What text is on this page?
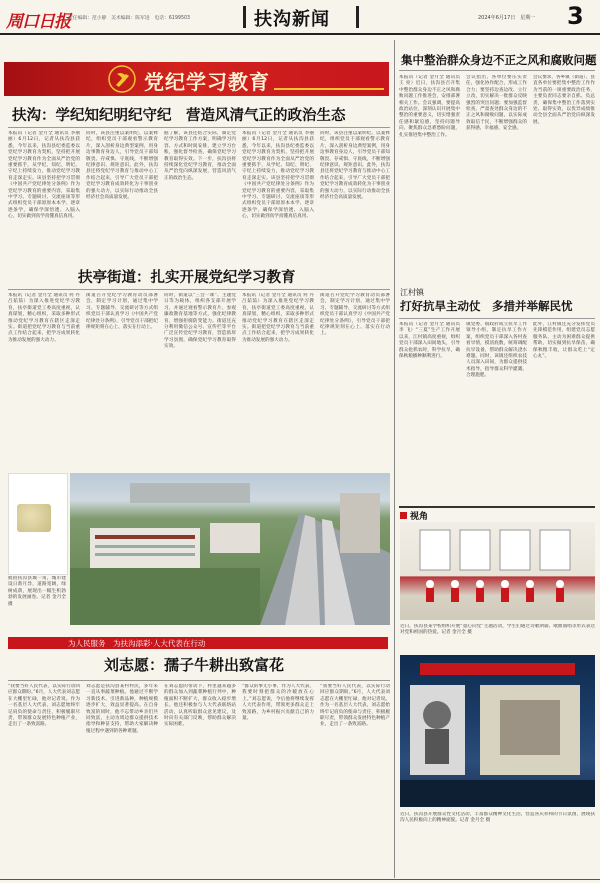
周口日报
责任编辑：范小静　美术编辑：陈军进　电话：6199503	扶沟新闻	2024年6月17日　星期一 3
党纪学习教育
扶沟：学纪知纪明纪守纪　营造风清气正的政治生态
本报讯（记者 金月全 通讯员 李丽丽）6月12日，记者从扶沟县获悉，今年以来，扶沟县纪委监委以党纪学习教育为契机，坚持把开展党纪学习教育作为全面从严治党的重要抓手，从学纪、知纪、明纪、守纪上持续发力，推动党纪学习教育走深走实。该县坚持把学习贯彻《中国共产党纪律处分条例》作为党纪学习教育的重要内容，采取集中学习、专题研讨、交流座谈等形式组织党员干部原原本本学、逐章逐条学，确保学深悟透、入脑入心，切实做到真学真懂真信真用。
同时，该县注重以案明纪、以案释纪，组织党员干部观看警示教育片，深入剖析身边典型案例，用身边事教育身边人，引导党员干部知敬畏、存戒惧、守底线，不断增强纪律意识、规矩意识。此外，扶沟县还将党纪学习教育与推动中心工作结合起来，引导广大党员干部把党纪学习教育成效转化为干事创业的强大动力，以实际行动推动全县经济社会高质量发展。
据了解，该县还结合实际，制定党纪学习教育工作方案，明确学习内容、方式和时间安排，建立学习台账，强化督导检查，确保党纪学习教育取得实效。下一步，扶沟县将持续深化党纪学习教育，推动全面从严治党向纵深发展，营造风清气正的政治生态。
本报讯（记者 金月全 通讯员 李丽丽）6月12日，记者从扶沟县获悉，今年以来，扶沟县纪委监委以党纪学习教育为契机，坚持把开展党纪学习教育作为全面从严治党的重要抓手，从学纪、知纪、明纪、守纪上持续发力，推动党纪学习教育走深走实。该县坚持把学习贯彻《中国共产党纪律处分条例》作为党纪学习教育的重要内容，采取集中学习、专题研讨、交流座谈等形式组织党员干部原原本本学、逐章逐条学，确保学深悟透、入脑入心，切实做到真学真懂真信真用。
同时，该县注重以案明纪、以案释纪，组织党员干部观看警示教育片，深入剖析身边典型案例，用身边事教育身边人，引导党员干部知敬畏、存戒惧、守底线，不断增强纪律意识、规矩意识。此外，扶沟县还将党纪学习教育与推动中心工作结合起来，引导广大党员干部把党纪学习教育成效转化为干事创业的强大动力，以实际行动推动全县经济社会高质量发展。
扶亭街道：扎实开展党纪学习教育
本报讯（记者 金月全 通讯员 何 丹 吕茹茹）为深入推进党纪学习教育，扶亭街道党工委高度重视，认真谋划，精心组织，采取多种形式推动党纪学习教育在辖区走深走实。街道把党纪学习教育与当前重点工作结合起来，把学习成果转化为推动发展的强大动力。
街道召开党纪学习教育动员部署会，制定学习计划，通过集中学习、专题辅导、交流研讨等方式组织党员干部认真学习《中国共产党纪律处分条例》，引导党员干部把纪律规矩刻在心上、落实在行动上。
同时，街道以“三会一课”、主题党日等为载体，组织各支部开展学习，并通过观看警示教育片、参观廉政教育基地等方式，强化纪律教育，增强拒腐防变能力。街道还充分利用微信公众号、宣传栏等平台广泛宣传党纪学习教育，营造浓厚学习氛围，确保党纪学习教育取得实效。
本报讯（记者 金月全 通讯员 何 丹 吕茹茹）为深入推进党纪学习教育，扶亭街道党工委高度重视，认真谋划，精心组织，采取多种形式推动党纪学习教育在辖区走深走实。街道把党纪学习教育与当前重点工作结合起来，把学习成果转化为推动发展的强大动力。
街道召开党纪学习教育动员部署会，制定学习计划，通过集中学习、专题辅导、交流研讨等方式组织党员干部认真学习《中国共产党纪律处分条例》，引导党员干部把纪律规矩刻在心上、落实在行动上。
航拍扶沟县城一角，城市建设日新月异，道路宽阔，绿树成荫，展现出一幅生机勃勃的发展画卷。记者 金月全 摄
为人民服务　为扶沟添彩·人大代表在行动
刘志愿：孺子牛耕出致富花
“我要当好人民代表，以实际行动回应群众期盼。”6月，人大代表刘志愿在大棚里忙碌，他对记者说。作为一名基层人大代表，刘志愿始终牢记肩负的使命与责任，积极履职尽责，带领群众发展特色种植产业，走出了一条致富路。
刘志愿是扶沟县某村村民，多年来一直从事蔬菜种植。他通过不断学习新技术、引进新品种，种植规模逐步扩大，效益显著提高。在自身致富的同时，他不忘带动乡亲们共同致富，主动为周边群众提供技术指导和种苗支持，帮助大家解决种植过程中遇到的各种难题。
在刘志愿的带动下，村里越来越多的群众加入到蔬菜种植行列中，种植面积不断扩大，群众收入稳步增长。他还积极参与人大代表联络站活动，认真听取群众意见建议，及时向有关部门反映，帮助群众解决实际困难。
“群众的事无小事，作为人大代表，我要时刻把群众的冷暖放在心上。”刘志愿说，今后他将继续发挥人大代表作用，带领更多群众走上致富路，为乡村振兴贡献自己的力量。
“我要当好人民代表，以实际行动回应群众期盼。”6月，人大代表刘志愿在大棚里忙碌，他对记者说。作为一名基层人大代表，刘志愿始终牢记肩负的使命与责任，积极履职尽责，带领群众发展特色种植产业，走出了一条致富路。
集中整治群众身边不正之风和腐败问题
本报讯（记者 金月全 通讯员 王 亮）近日，扶沟县召开集中整治群众身边不正之风和腐败问题工作推进会，安排部署相关工作。会议强调，要提高政治站位，深刻认识开展集中整治的重要意义，切实增强责任感和紧迫感，坚持问题导向，聚焦群众急难愁盼问题，扎实推进集中整治工作。
会议指出，各单位要压实责任，强化协作配合，形成工作合力；要坚持边查边改、立行立改，切实解决一批群众反映强烈的突出问题；要加强监督检查，严肃查处群众身边的不正之风和腐败问题，以实际成效取信于民，不断增强群众的获得感、幸福感、安全感。
会议要求，各乡镇（街道）、县直各单位要把集中整治工作作为当前的一项重要政治任务，主要负责同志要亲自抓、负总责，确保集中整治工作落到实处、取得实效，以优异成绩推动全县全面从严治党向纵深发展。
江村镇
打好抗旱主动仗　多措并举解民忧
本报讯（记者 金月全 通讯员 李 飞）“三夏”生产工作开展以来，江村镇高度重视，组织党员干部深入田间地头，引导群众抢抓农时，科学抗旱，确保秋粮播种顺利进行。
镇党委、镇政府成立抗旱工作领导小组，制定抗旱工作方案，组织党员干部深入各村查看旱情，摸清底数，统筹调配抗旱设备，帮助群众解决浇水难题。同时，该镇还组织农技人员深入田间，为群众提供技术指导，指导群众科学灌溉、合理施肥。
此外，江村镇还充分发挥党员先锋模范作用，组建党员志愿服务队，主动为困难群众提供帮助，切实做到抗旱保苗，确保秋粮丰收，让群众吃上“定心丸”。
视角
近日，扶沟县某学校组织开展“童心向党”主题活动，学生们通过诗歌朗诵、歌曲演唱等形式表达对党和祖国的热爱。记者 金月全 摄
近日，扶沟县开展群众性文化活动，丰富群众精神文化生活，营造喜庆祥和的节日氛围，展现扶沟人民积极向上的精神面貌。记者 金月全 摄
